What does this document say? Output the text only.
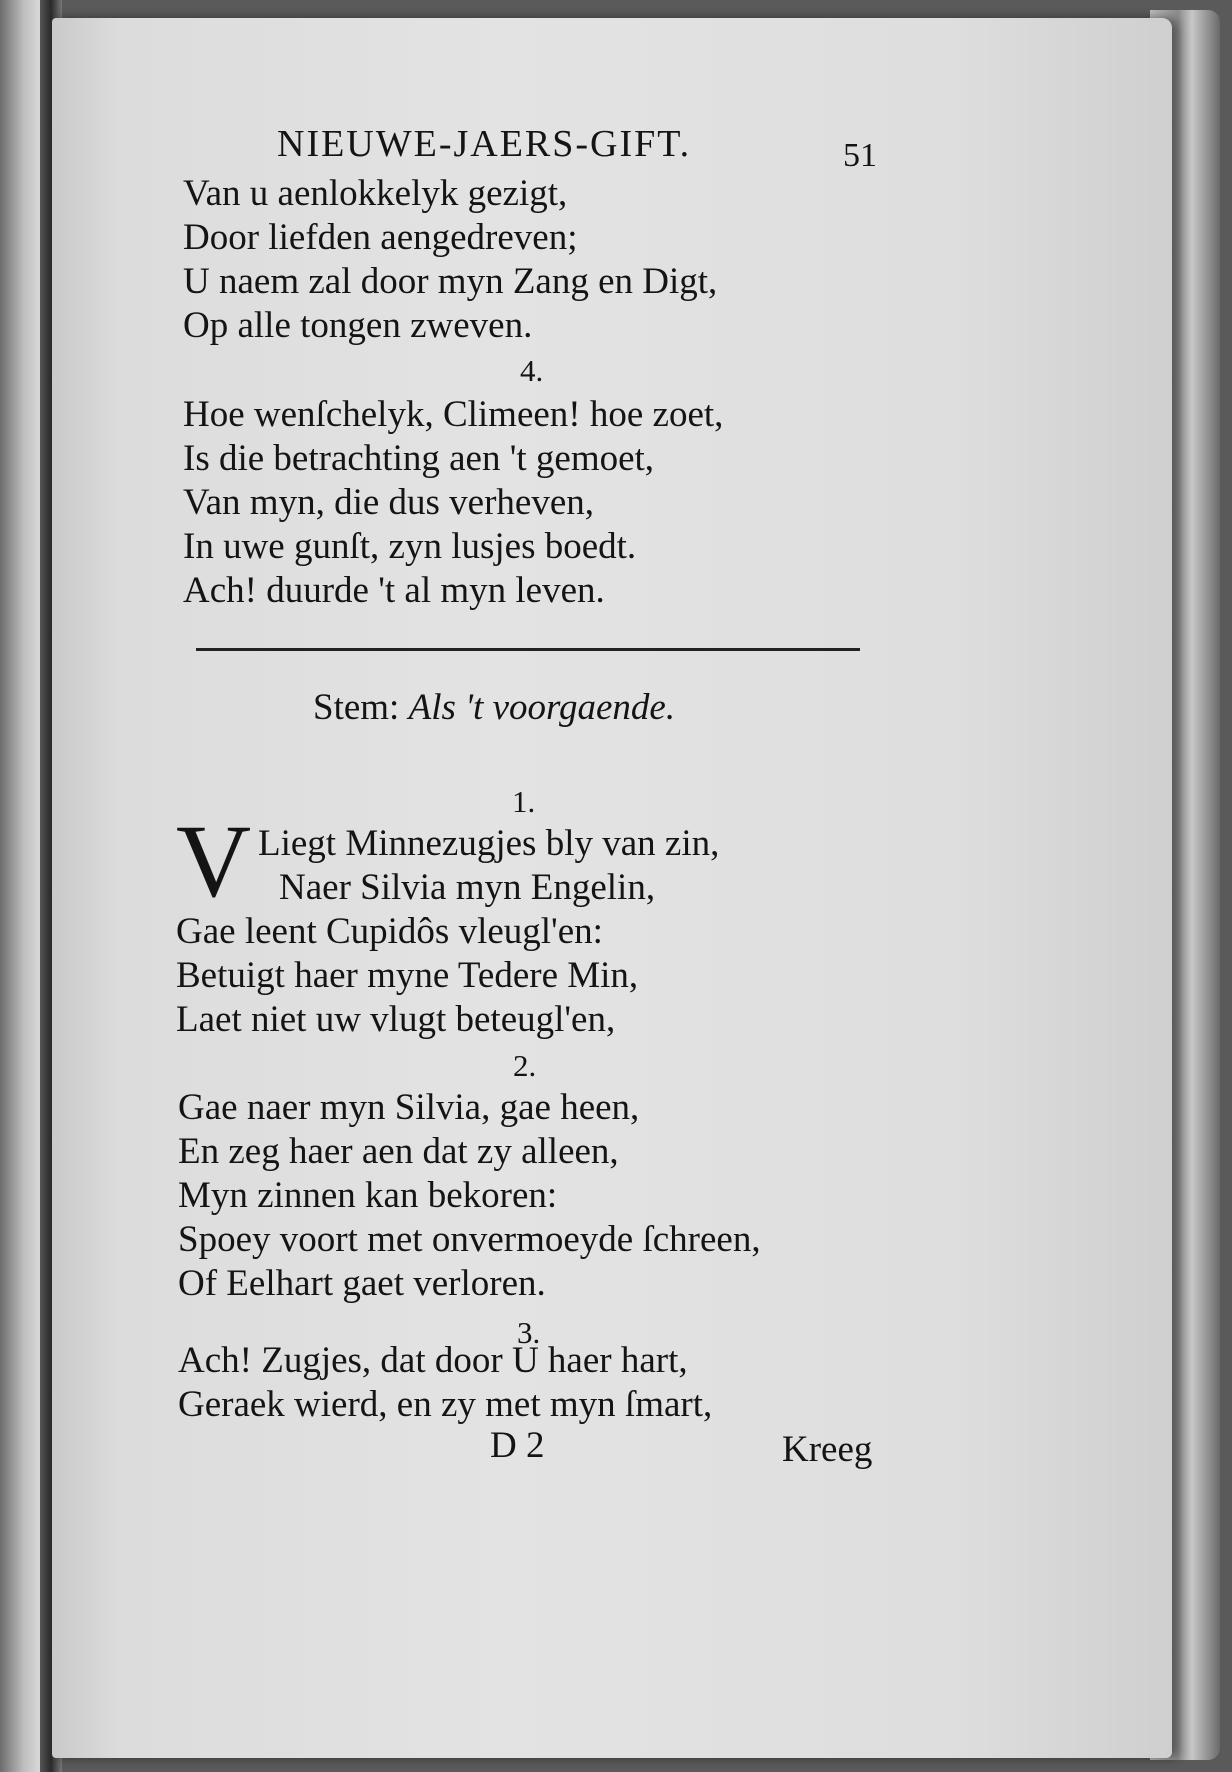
NIEUWE-JAERS-GIFT.	51
Van u aenlokkelyk gezigt,
Door liefden aengedreven;
U naem zal door myn Zang en Digt,
Op alle tongen zweven.
4.
Hoe wenſchelyk, Climeen! hoe zoet,
Is die betrachting aen 't gemoet,
Van myn, die dus verheven,
In uwe gunſt, zyn lusjes boedt.
Ach! duurde 't al myn leven.
Stem: Als 't voorgaende.
1.
V Liegt Minnezugjes bly van zin,
Naer Silvia myn Engelin,
Gae leent Cupidôs vleugl'en:
Betuigt haer myne Tedere Min,
Laet niet uw vlugt beteugl'en,
2.
Gae naer myn Silvia, gae heen,
En zeg haer aen dat zy alleen,
Myn zinnen kan bekoren:
Spoey voort met onvermoeyde ſchreen,
Of Eelhart gaet verloren.
3.
Ach! Zugjes, dat door U haer hart,
Geraek wierd, en zy met myn ſmart,
D 2	Kreeg
